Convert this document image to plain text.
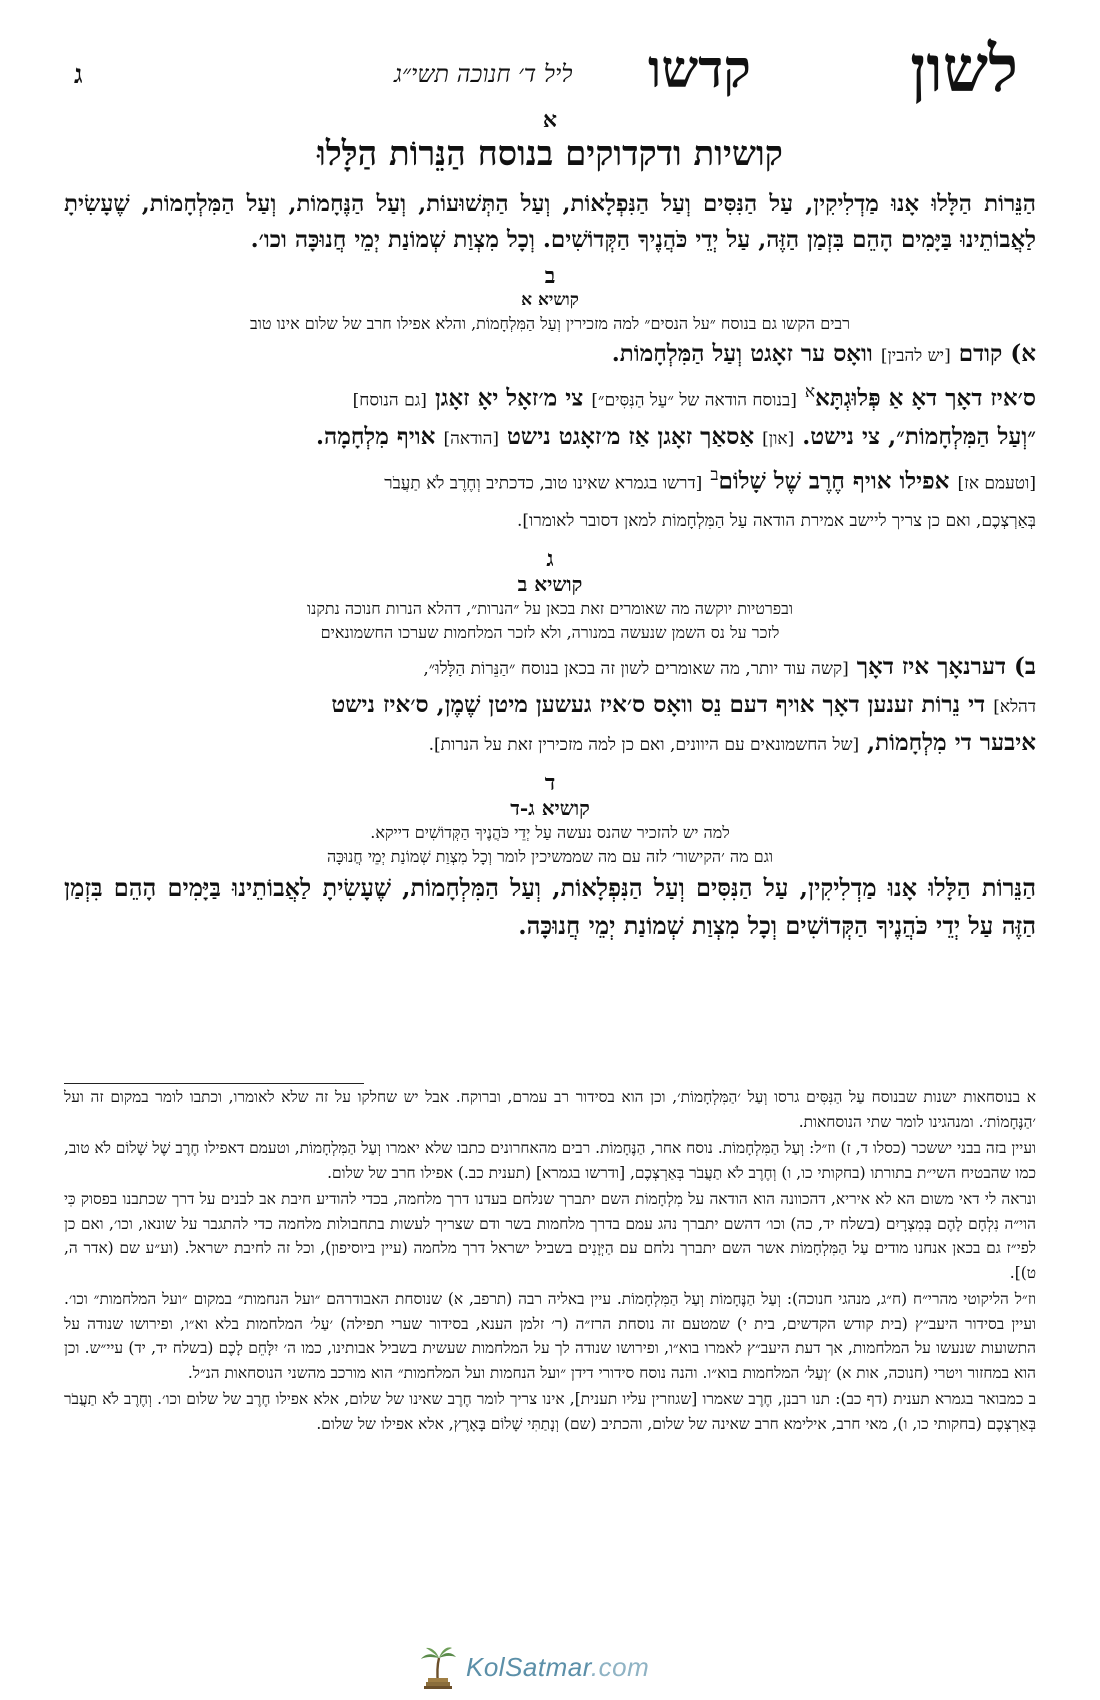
לשון
קדשו
ליל ד׳ חנוכה תשי״ג
ג
א
קושיות ודקדוקים בנוסח הַנֵּרוֹת הַלָּלוּ

הַנֵּרוֹת הַלָּלוּ אָנוּ מַדְלִיקִין, עַל הַנִּסִּים וְעַל הַנִּפְלָאוֹת, וְעַל הַתְּשׁוּעוֹת, וְעַל הַנֶּחָמוֹת, וְעַל הַמִּלְחָמוֹת, שֶׁעָשִׂיתָ לַאֲבוֹתֵינוּ בַּיָּמִים הָהֵם בִּזְמַן הַזֶּה, עַל יְדֵי כֹּהֲנֶיךָ הַקְּדוֹשִׁים. וְכָל מִצְוַת שְׁמוֹנַת יְמֵי חֲנוּכָּה וכו׳.

ב
קושיא א
רבים הקשו גם בנוסח ״על הנסים״ למה מזכירין וְעַל הַמִּלְחָמוֹת, והלא אפילו חרב של שלום אינו טוב

א) קודם [יש להבין] וואָס ער זאָגט וְעַל הַמִּלְחָמוֹת.
ס׳איז דאָך דאָ אַ פְּלוּגְתָּא$^א$ [בנוסח הודאה של ״עַל הַנִּסִּים״] צי מ׳זאָל יאָ זאָגן [גם הנוסח]
״וְעַל הַמִּלְחָמוֹת״, צי נישט. [און] אַסאַך זאָגן אַז מ׳זאָגט נישט [הודאה] אויף מִלְחָמָה.
[וטעמם אז] אפילו אויף חֶרֶב שֶׁל שָׁלוֹם$^ב$ [דרשו בגמרא שאינו טוב, כדכתיב וְחֶרֶב לֹא תַעֲבֹר
בְּאַרְצְכֶם, ואם כן צריך ליישב אמירת הודאה עַל הַמִּלְחָמוֹת למאן דסובר לאומרו].

ג
קושיא ב
ובפרטיות יוקשה מה שאומרים זאת בכאן על ״הנרות״, דהלא הנרות חנוכה נתקנו
לזכר על נס השמן שנעשה במנורה, ולא לזכר המלחמות שערכו החשמונאים

ב) דערנאָך איז דאָך [קשה עוד יותר, מה שאומרים לשון זה בכאן בנוסח ״הַנֵּרוֹת הַלָּלוּ״,
דהלא] די נֵרוֹת זענען דאָך אויף דעם נֵס וואָס ס׳איז געשען מיטן שֶׁמֶן, ס׳איז נישט
איבער די מִלְחָמוֹת, [של החשמונאים עם היוונים, ואם כן למה מזכירין זאת על הנרות].

ד
קושיא ג-ד
למה יש להזכיר שהנס נעשה עַל יְדֵי כֹּהֲנֶיךָ הַקְּדוֹשִׁים דייקא.
וגם מה ׳הקישור׳ לזה עם מה שממשיכין לומר וְכָל מִצְוַת שְׁמוֹנַת יְמֵי חֲנוּכָּה

הַנֵּרוֹת הַלָּלוּ אָנוּ מַדְלִיקִין, עַל הַנִּסִּים וְעַל הַנִּפְלָאוֹת, וְעַל הַמִּלְחָמוֹת, שֶׁעָשִׂיתָ לַאֲבוֹתֵינוּ בַּיָּמִים הָהֵם בִּזְמַן הַזֶּה עַל יְדֵי כֹּהֲנֶיךָ הַקְּדוֹשִׁים וְכָל מִצְוַת שְׁמוֹנַת יְמֵי חֲנוּכָּה.

א בנוסחאות ישנות שבנוסח עַל הַנִּסִּים גרסו וְעַל ׳הַמִּלְחָמוֹת׳, וכן הוא בסידור רב עמרם, וברוקח. אבל יש שחלקו על זה שלא לאומרו, וכתבו לומר במקום זה ועל ׳הַנֶּחָמוֹת׳. ומנהגינו לומר שתי הנוסחאות.

ועיין בזה בבני יששכר (כסלו ד, ז) וז״ל: וְעַל הַמִּלְחָמוֹת. נוסח אחר, הַנֶּחָמוֹת. רבים מהאחרונים כתבו שלא יאמרו וְעַל הַמִּלְחָמוֹת, וטעמם דאפילו חֶרֶב שֶׁל שָׁלוֹם לֹא טוב, כמו שהבטיח השי״ת בתורתו (בחקותי כו, ו) וְחֶרֶב לֹא תַעֲבֹר בְּאַרְצְכֶם, [ודרשו בגמרא] (תענית כב.) אפילו חרב של שלום.

ונראה לי דאי משום הא לא איריא, דהכוונה הוא הודאה על מִלְחָמוֹת השם יתברך שנלחם בעדנו דרך מלחמה, בכדי להודיע חיבת אב לבנים על דרך שכתבנו בפסוק כִּי הוי״ה נִלְחָם לָהֶם בְּמִצְרָיִם (בשלח יד, כה) וכו׳ דהשם יתברך נהג עמם בדרך מלחמות בשר ודם שצריך לעשות בתחבולות מלחמה כדי להתגבר על שונאו, וכו׳, ואם כן לפי״ז גם בכאן אנחנו מודים עַל הַמִּלְחָמוֹת אשר השם יתברך נלחם עם הַיְּוָנִים בשביל ישראל דרך מלחמה (עיין ביוסיפון), וכל זה לחיבת ישראל. (וע״ע שם (אדר ה, ט)].

וז״ל הליקוטי מהרי״ח (ח״ג, מנהגי חנוכה): וְעַל הַנֶּחָמוֹת וְעַל הַמִּלְחָמוֹת. עיין באליה רבה (תרפב, א) שנוסחת האבודרהם ״ועל הנחמות״ במקום ״ועל המלחמות״ וכו׳. ועיין בסידור היעב״ץ (בית קודש הקדשים, בית י) שמטעם זה נוסחת הרז״ה (ר׳ זלמן הענא, בסידור שערי תפילה) ׳עַל׳ המלחמות בלא וא״ו, ופירושו שנודה על התשועות שנעשו על המלחמות, אך דעת היעב״ץ לאמרו בוא״ו, ופירושו שנודה לך על המלחמות שעשית בשביל אבותינו, כמו ה׳ יִלָּחֵם לָכֶם (בשלח יד, יד) עיי״ש. וכן הוא במחזור ויטרי (חנוכה, אות א) ׳וְעַל׳ המלחמות בוא״ו. והנה נוסח סידורי דידן ״ועל הנחמות ועל המלחמות״ הוא מורכב מהשני הנוסחאות הנ״ל.

ב כמבואר בגמרא תענית (דף כב): תנו רבנן, חֶרֶב שאמרו [שגוזרין עליו תענית], אינו צריך לומר חֶרֶב שאינו של שלום, אלא אפילו חֶרֶב של שלום וכו׳. וְחֶרֶב לֹא תַעֲבֹר בְּאַרְצְכֶם (בחקותי כו, ו), מאי חרב, אילימא חרב שאינה של שלום, והכתיב (שם) וְנָתַתִּי שָׁלוֹם בָּאָרֶץ, אלא אפילו של שלום.

KolSatmar.com
